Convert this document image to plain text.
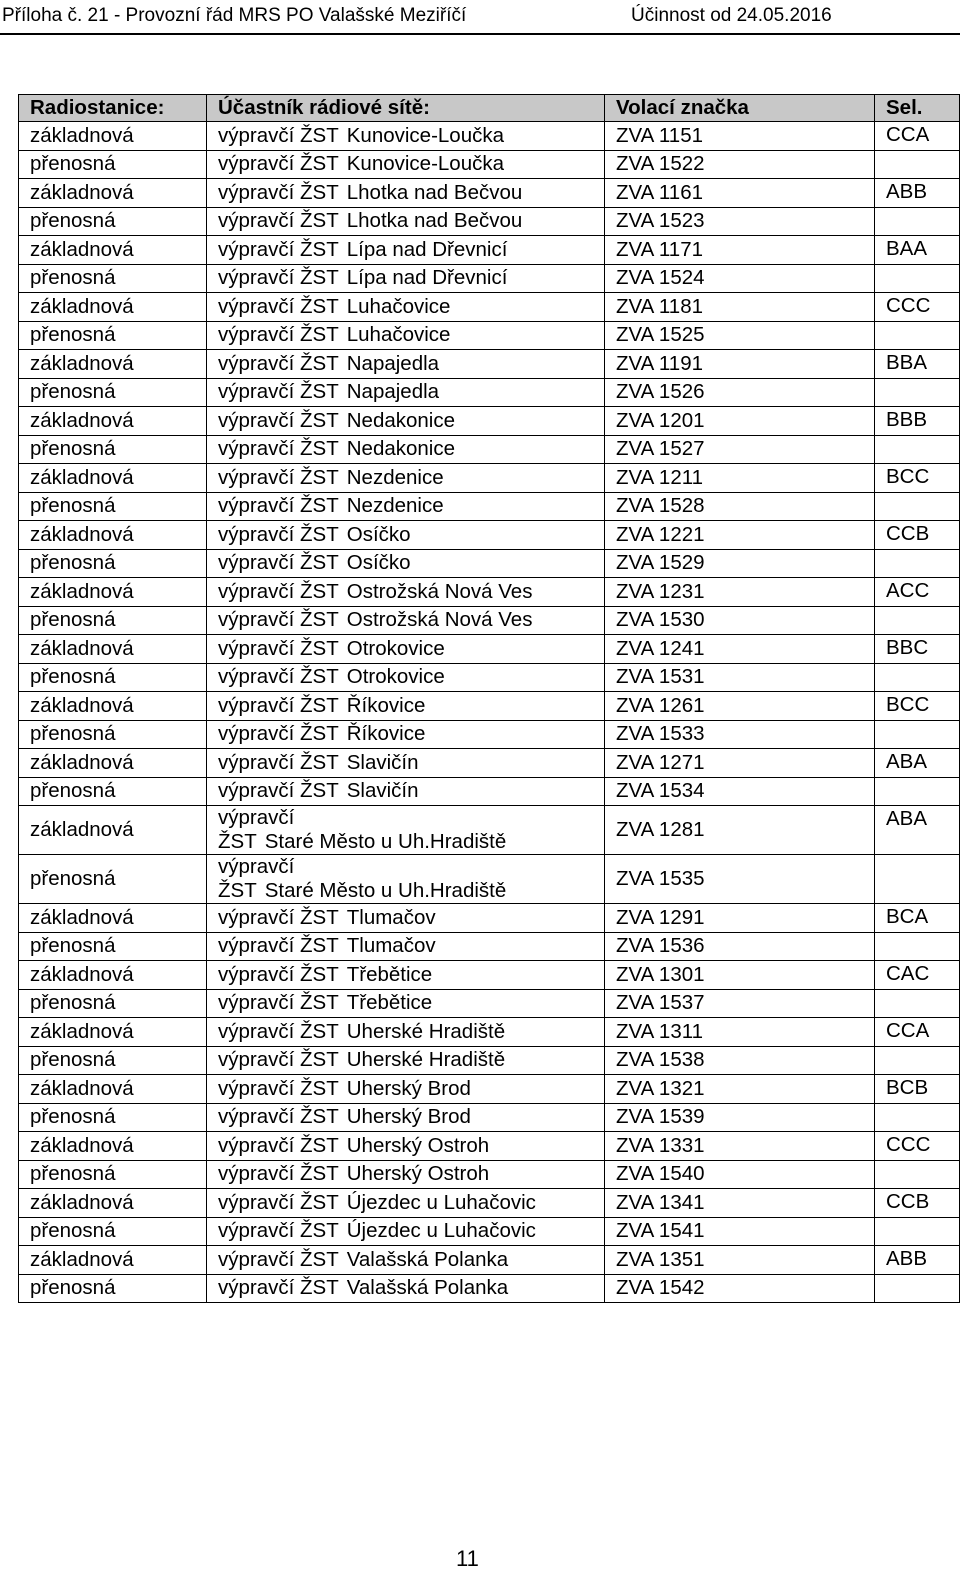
Příloha č. 21 - Provozní řád MRS PO Valašské Meziříčí	Účinnost od 24.05.2016
Radiostanice:	Účastník rádiové sítě:	Volací značka	Sel.
základnová	výpravčí ŽST Kunovice-Loučka	ZVA 1151	CCA
přenosná	výpravčí ŽST Kunovice-Loučka	ZVA 1522	
základnová	výpravčí ŽST Lhotka nad Bečvou	ZVA 1161	ABB
přenosná	výpravčí ŽST Lhotka nad Bečvou	ZVA 1523	
základnová	výpravčí ŽST Lípa nad Dřevnicí	ZVA 1171	BAA
přenosná	výpravčí ŽST Lípa nad Dřevnicí	ZVA 1524	
základnová	výpravčí ŽST Luhačovice	ZVA 1181	CCC
přenosná	výpravčí ŽST Luhačovice	ZVA 1525	
základnová	výpravčí ŽST Napajedla	ZVA 1191	BBA
přenosná	výpravčí ŽST Napajedla	ZVA 1526	
základnová	výpravčí ŽST Nedakonice	ZVA 1201	BBB
přenosná	výpravčí ŽST Nedakonice	ZVA 1527	
základnová	výpravčí ŽST Nezdenice	ZVA 1211	BCC
přenosná	výpravčí ŽST Nezdenice	ZVA 1528	
základnová	výpravčí ŽST Osíčko	ZVA 1221	CCB
přenosná	výpravčí ŽST Osíčko	ZVA 1529	
základnová	výpravčí ŽST Ostrožská Nová Ves	ZVA 1231	ACC
přenosná	výpravčí ŽST Ostrožská Nová Ves	ZVA 1530	
základnová	výpravčí ŽST Otrokovice	ZVA 1241	BBC
přenosná	výpravčí ŽST Otrokovice	ZVA 1531	
základnová	výpravčí ŽST Říkovice	ZVA 1261	BCC
přenosná	výpravčí ŽST Říkovice	ZVA 1533	
základnová	výpravčí ŽST Slavičín	ZVA 1271	ABA
přenosná	výpravčí ŽST Slavičín	ZVA 1534	
základnová	výpravčí
ŽST Staré Město u Uh.Hradiště	ZVA 1281	ABA
přenosná	výpravčí
ŽST Staré Město u Uh.Hradiště	ZVA 1535	
základnová	výpravčí ŽST Tlumačov	ZVA 1291	BCA
přenosná	výpravčí ŽST Tlumačov	ZVA 1536	
základnová	výpravčí ŽST Třebětice	ZVA 1301	CAC
přenosná	výpravčí ŽST Třebětice	ZVA 1537	
základnová	výpravčí ŽST Uherské Hradiště	ZVA 1311	CCA
přenosná	výpravčí ŽST Uherské Hradiště	ZVA 1538	
základnová	výpravčí ŽST Uherský Brod	ZVA 1321	BCB
přenosná	výpravčí ŽST Uherský Brod	ZVA 1539	
základnová	výpravčí ŽST Uherský Ostroh	ZVA 1331	CCC
přenosná	výpravčí ŽST Uherský Ostroh	ZVA 1540	
základnová	výpravčí ŽST Újezdec u Luhačovic	ZVA 1341	CCB
přenosná	výpravčí ŽST Újezdec u Luhačovic	ZVA 1541	
základnová	výpravčí ŽST Valašská Polanka	ZVA 1351	ABB
přenosná	výpravčí ŽST Valašská Polanka	ZVA 1542	
11
